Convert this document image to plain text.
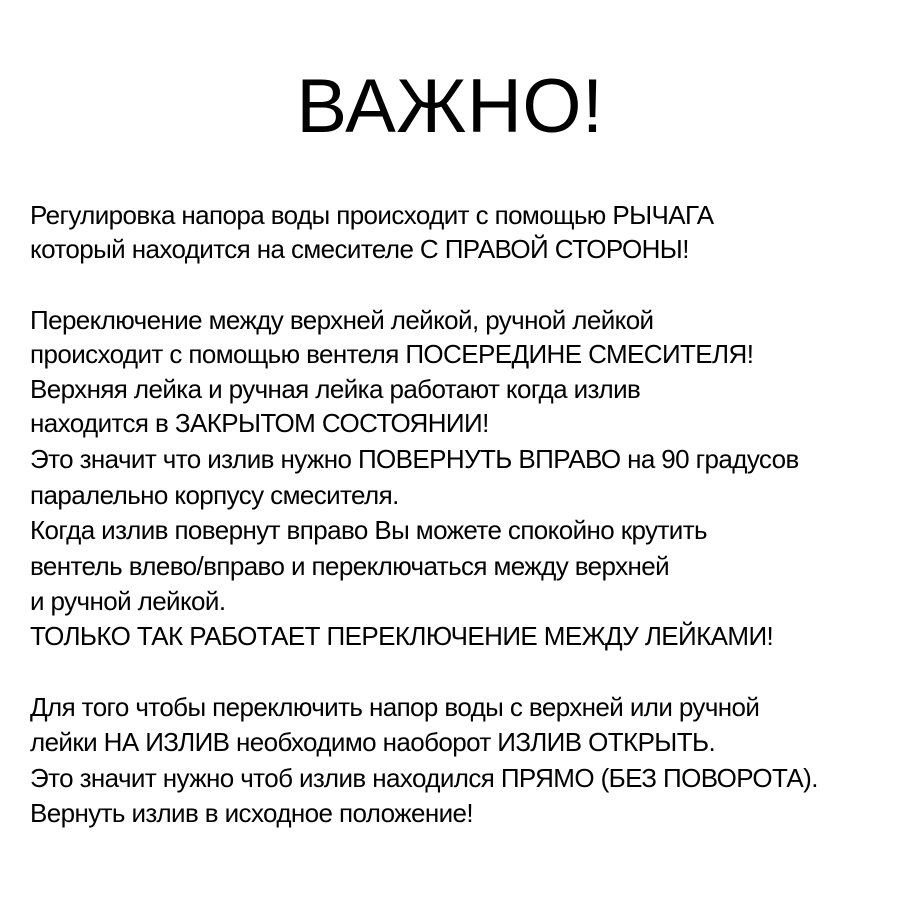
ВАЖНО!
Регулировка напора воды происходит с помощью РЫЧАГА
который находится на смесителе С ПРАВОЙ СТОРОНЫ!
Переключение между верхней лейкой, ручной лейкой
происходит с помощью вентеля ПОСЕРЕДИНЕ СМЕСИТЕЛЯ!
Верхняя лейка и ручная лейка работают когда излив
находится в ЗАКРЫТОМ СОСТОЯНИИ!
Это значит что излив нужно ПОВЕРНУТЬ ВПРАВО на 90 градусов
паралельно корпусу смесителя.
Когда излив повернут вправо Вы можете спокойно крутить
вентель влево/вправо и переключаться между верхней
и ручной лейкой.
ТОЛЬКО ТАК РАБОТАЕТ ПЕРЕКЛЮЧЕНИЕ МЕЖДУ ЛЕЙКАМИ!
Для того чтобы переключить напор воды с верхней или ручной
лейки НА ИЗЛИВ необходимо наоборот ИЗЛИВ ОТКРЫТЬ.
Это значит нужно чтоб излив находился ПРЯМО (БЕЗ ПОВОРОТА).
Вернуть излив в исходное положение!
